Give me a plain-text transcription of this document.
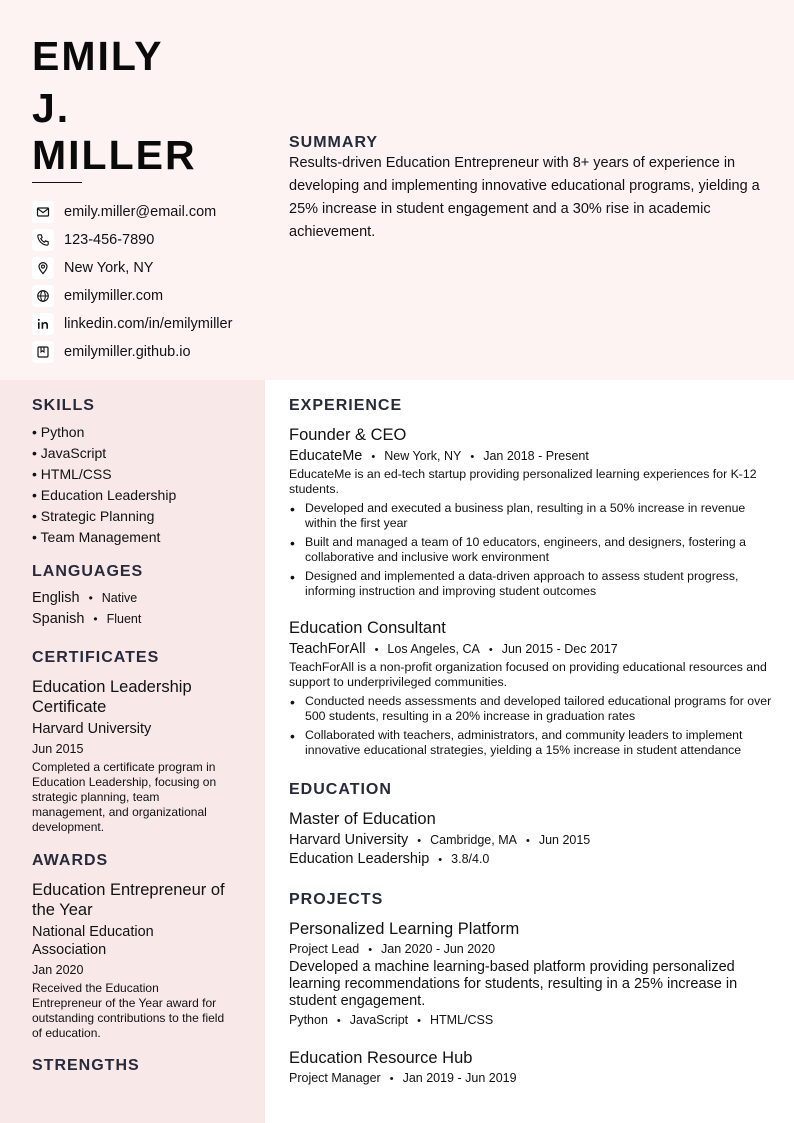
EMILY
J.
MILLER
emily.miller@email.com
123-456-7890
New York, NY
emilymiller.com
linkedin.com/in/emilymiller
emilymiller.github.io
SKILLS
• Python
• JavaScript
• HTML/CSS
• Education Leadership
• Strategic Planning
• Team Management
LANGUAGES
English • Native
Spanish • Fluent
CERTIFICATES
Education Leadership Certificate
Harvard University
Jun 2015
Completed a certificate program in Education Leadership, focusing on strategic planning, team management, and organizational development.
AWARDS
Education Entrepreneur of the Year
National Education Association
Jan 2020
Received the Education Entrepreneur of the Year award for outstanding contributions to the field of education.
STRENGTHS
SUMMARY
Results-driven Education Entrepreneur with 8+ years of experience in developing and implementing innovative educational programs, yielding a 25% increase in student engagement and a 30% rise in academic achievement.
EXPERIENCE
Founder & CEO
EducateMe • New York, NY • Jan 2018 - Present
EducateMe is an ed-tech startup providing personalized learning experiences for K-12 students.
• Developed and executed a business plan, resulting in a 50% increase in revenue within the first year
• Built and managed a team of 10 educators, engineers, and designers, fostering a collaborative and inclusive work environment
• Designed and implemented a data-driven approach to assess student progress, informing instruction and improving student outcomes
Education Consultant
TeachForAll • Los Angeles, CA • Jun 2015 - Dec 2017
TeachForAll is a non-profit organization focused on providing educational resources and support to underprivileged communities.
• Conducted needs assessments and developed tailored educational programs for over 500 students, resulting in a 20% increase in graduation rates
• Collaborated with teachers, administrators, and community leaders to implement innovative educational strategies, yielding a 15% increase in student attendance
EDUCATION
Master of Education
Harvard University • Cambridge, MA • Jun 2015
Education Leadership • 3.8/4.0
PROJECTS
Personalized Learning Platform
Project Lead • Jan 2020 - Jun 2020
Developed a machine learning-based platform providing personalized learning recommendations for students, resulting in a 25% increase in student engagement.
Python • JavaScript • HTML/CSS
Education Resource Hub
Project Manager • Jan 2019 - Jun 2019
